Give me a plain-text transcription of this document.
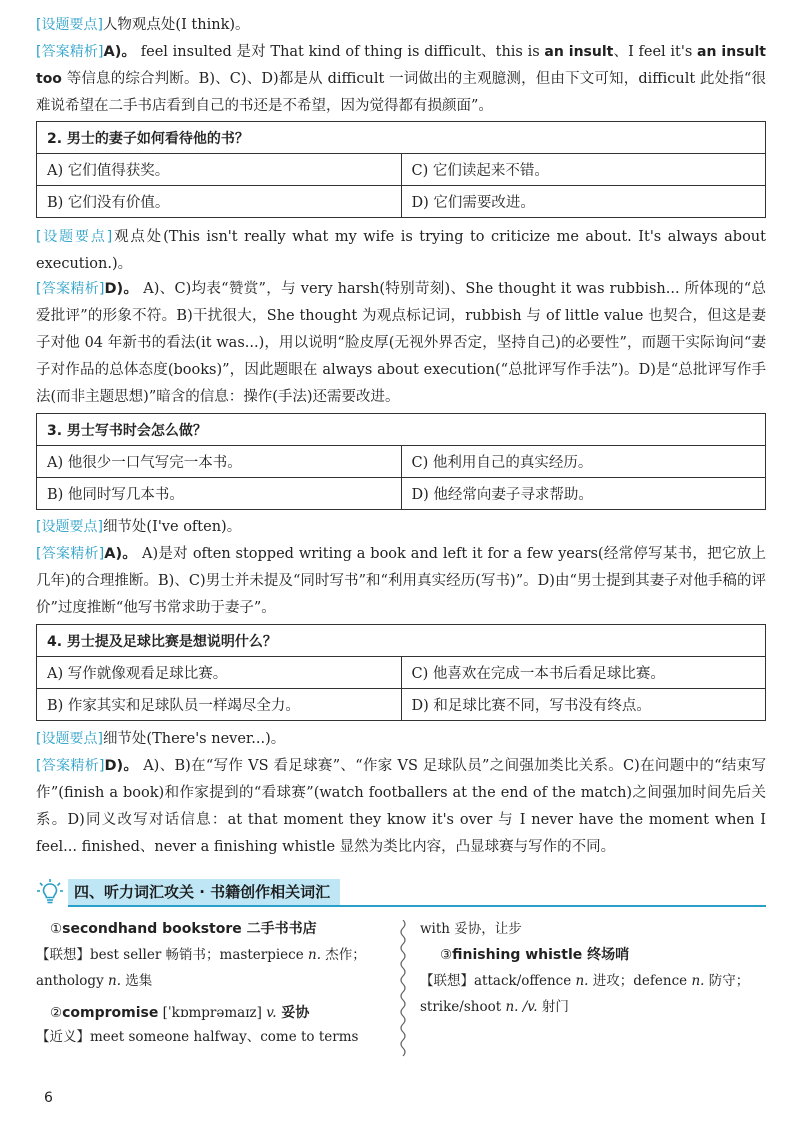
[设题要点]人物观点处(I think)。
[答案精析]A)。 feel insulted 是对 That kind of thing is difficult、this is an insult、I feel it's an insult too 等信息的综合判断。B)、C)、D)都是从 difficult 一词做出的主观臆测，但由下文可知，difficult 此处指“很难说希望在二手书店看到自己的书还是不希望，因为觉得都有损颜面”。
2. 男士的妻子如何看待他的书？	
A) 它们值得获奖。	C) 它们读起来不错。
B) 它们没有价值。	D) 它们需要改进。
[设题要点]观点处(This isn't really what my wife is trying to criticize me about. It's always about execution.)。
[答案精析]D)。 A)、C)均表“赞赏”，与 very harsh(特别苛刻)、She thought it was rubbish... 所体现的“总爱批评”的形象不符。B)干扰很大，She thought 为观点标记词，rubbish 与 of little value 也契合，但这是妻子对他 04 年新书的看法(it was...)，用以说明“脸皮厚(无视外界否定，坚持自己)的必要性”，而题干实际询问“妻子对作品的总体态度(books)”，因此题眼在 always about execution(“总批评写作手法”)。D)是“总批评写作手法(而非主题思想)”暗含的信息：操作(手法)还需要改进。
3. 男士写书时会怎么做？	
A) 他很少一口气写完一本书。	C) 他利用自己的真实经历。
B) 他同时写几本书。	D) 他经常向妻子寻求帮助。
[设题要点]细节处(I've often)。
[答案精析]A)。 A)是对 often stopped writing a book and left it for a few years(经常停写某书，把它放上几年)的合理推断。B)、C)男士并未提及“同时写书”和“利用真实经历(写书)”。D)由“男士提到其妻子对他手稿的评价”过度推断“他写书常求助于妻子”。
4. 男士提及足球比赛是想说明什么？	
A) 写作就像观看足球比赛。	C) 他喜欢在完成一本书后看足球比赛。
B) 作家其实和足球队员一样竭尽全力。	D) 和足球比赛不同，写书没有终点。
[设题要点]细节处(There's never...)。
[答案精析]D)。 A)、B)在“写作 VS 看足球赛”、“作家 VS 足球队员”之间强加类比关系。C)在问题中的“结束写作”(finish a book)和作家提到的“看球赛”(watch footballers at the end of the match)之间强加时间先后关系。D)同义改写对话信息：at that moment they know it's over 与 I never have the moment when I feel... finished、never a finishing whistle 显然为类比内容，凸显球赛与写作的不同。
四、听力词汇攻关 · 书籍创作相关词汇
①secondhand bookstore 二手书书店
【联想】best seller 畅销书；masterpiece n. 杰作；anthology n. 选集
②compromise [ˈkɒmprəmaɪz] v. 妥协
【近义】meet someone halfway、come to terms
with 妥协，让步
③finishing whistle 终场哨
【联想】attack/offence n. 进攻；defence n. 防守；strike/shoot n. /v. 射门
6
